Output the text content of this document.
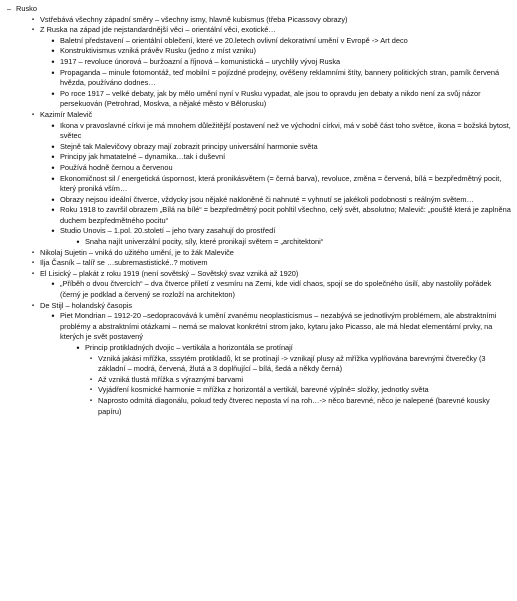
– Rusko
▪ Vstřebává všechny západní směry – všechny ismy, hlavně kubismus (třeba Picassovy obrazy)
▪ Z Ruska na západ jde nejstandardnější věci – orientální věci, exotické…
• Baletní představení – orientální oblečení, které ve 20.letech ovlivní dekorativní umění v Evropě -> Art deco
• Konstruktivismus vzniká právěv Rusku (jedno z míst vzniku)
• 1917 – revoluce únorová – buržoazní a říjnová – komunistická – urychlily vývoj Ruska
• Propaganda – minule fotomontáž, teď mobilní = pojízdné prodejny, ověšeny reklamními štíty, bannery politických stran, parník červená hvězda, používáno dodnes…
• Po roce 1917 – velké debaty, jak by mělo umění nyní v Rusku vypadat, ale jsou to opravdu jen debaty a nikdo není za svůj názor persekuován (Petrohrad, Moskva, a nějaké město v Bělorusku)
▪ Kazimír Malevič
• Ikona v pravoslavné církvi je má mnohem důležitější postavení než ve východní církvi, má v sobě část toho světce, ikona = božská bytost, světec
• Stejně tak Malevičovy obrazy mají zobrazit principy universální harmonie světa
• Principy jak hmatatelné – dynamika…tak i duševní
• Používá hodně černou a červenou
• Ekonomičnost sil / energetická úspornost, která pronikásvětem (= černá barva), revoluce, změna = červená, bílá = bezpředmětný pocit, který proniká vším…
• Obrazy nejsou ideální čtverce, vždycky jsou nějaké nakloněné či nahnuté = vyhnutí se jakékoli podobnosti s reálným světem…
• Roku 1918 to završil obrazem „Bílá na bílé“ = bezpředmětný pocit pohltil všechno, celý svět, absolutno; Malevič: „pouště která je zaplněna duchem bezpředmětného pocitu“
• Studio Unovis – 1.pol. 20.století – jeho tvary zasahují do prostředí
• Snaha najít univerzální pocity, síly, které pronikají světem = „architektoni“
▪ Nikolaj Sujetin – vniká do užitého umění, je to žák Maleviče
▪ Ilja Časník – talíř se …subremastistické..? motivem
▪ El Lisický – plakát z roku 1919 (není sovětský – Sovětský svaz vzniká až 1920)
• „Příběh o dvou čtvercích“ – dva čtverce přiletí z vesmíru na Zemi, kde vidí chaos, spojí se do společného úsilí, aby nastolily pořádek (černý je podklad a červený se rozloží na architekton)
▪ De Stijl – holandský časopis
• Piet Mondrian – 1912-20 –sedopracovává k umění zvanému neoplasticismus – nezabývá se jednotlivým problémem, ale abstraktními problémy a abstraktními otázkami – nemá se malovat konkrétní strom jako, kytaru jako Picasso, ale má hledat elementární prvky, na kterých je svět postavený
• Princip protikladných dvojic – vertikála a horizontála se protínají
▪ Vzniká jakási mřížka, sssytém protikladů, kt se protínají -> vznikají plusy až mřížka vyplňována barevnými čtverečky (3 základní – modrá, červená, žlutá a 3 doplňující – bílá, šedá a někdy černá)
▪ Až vzniká tlustá mřížka s výraznými barvami
▪ Vyjádření kosmické harmonie = mřížka z horizontál a vertikál, barevné výplně= složky, jednotky světa
▪ Naprosto odmítá diagonálu, pokud tedy čtverec neposta ví na roh…-> něco barevné, něco je nalepené (barevné kousky papíru)
